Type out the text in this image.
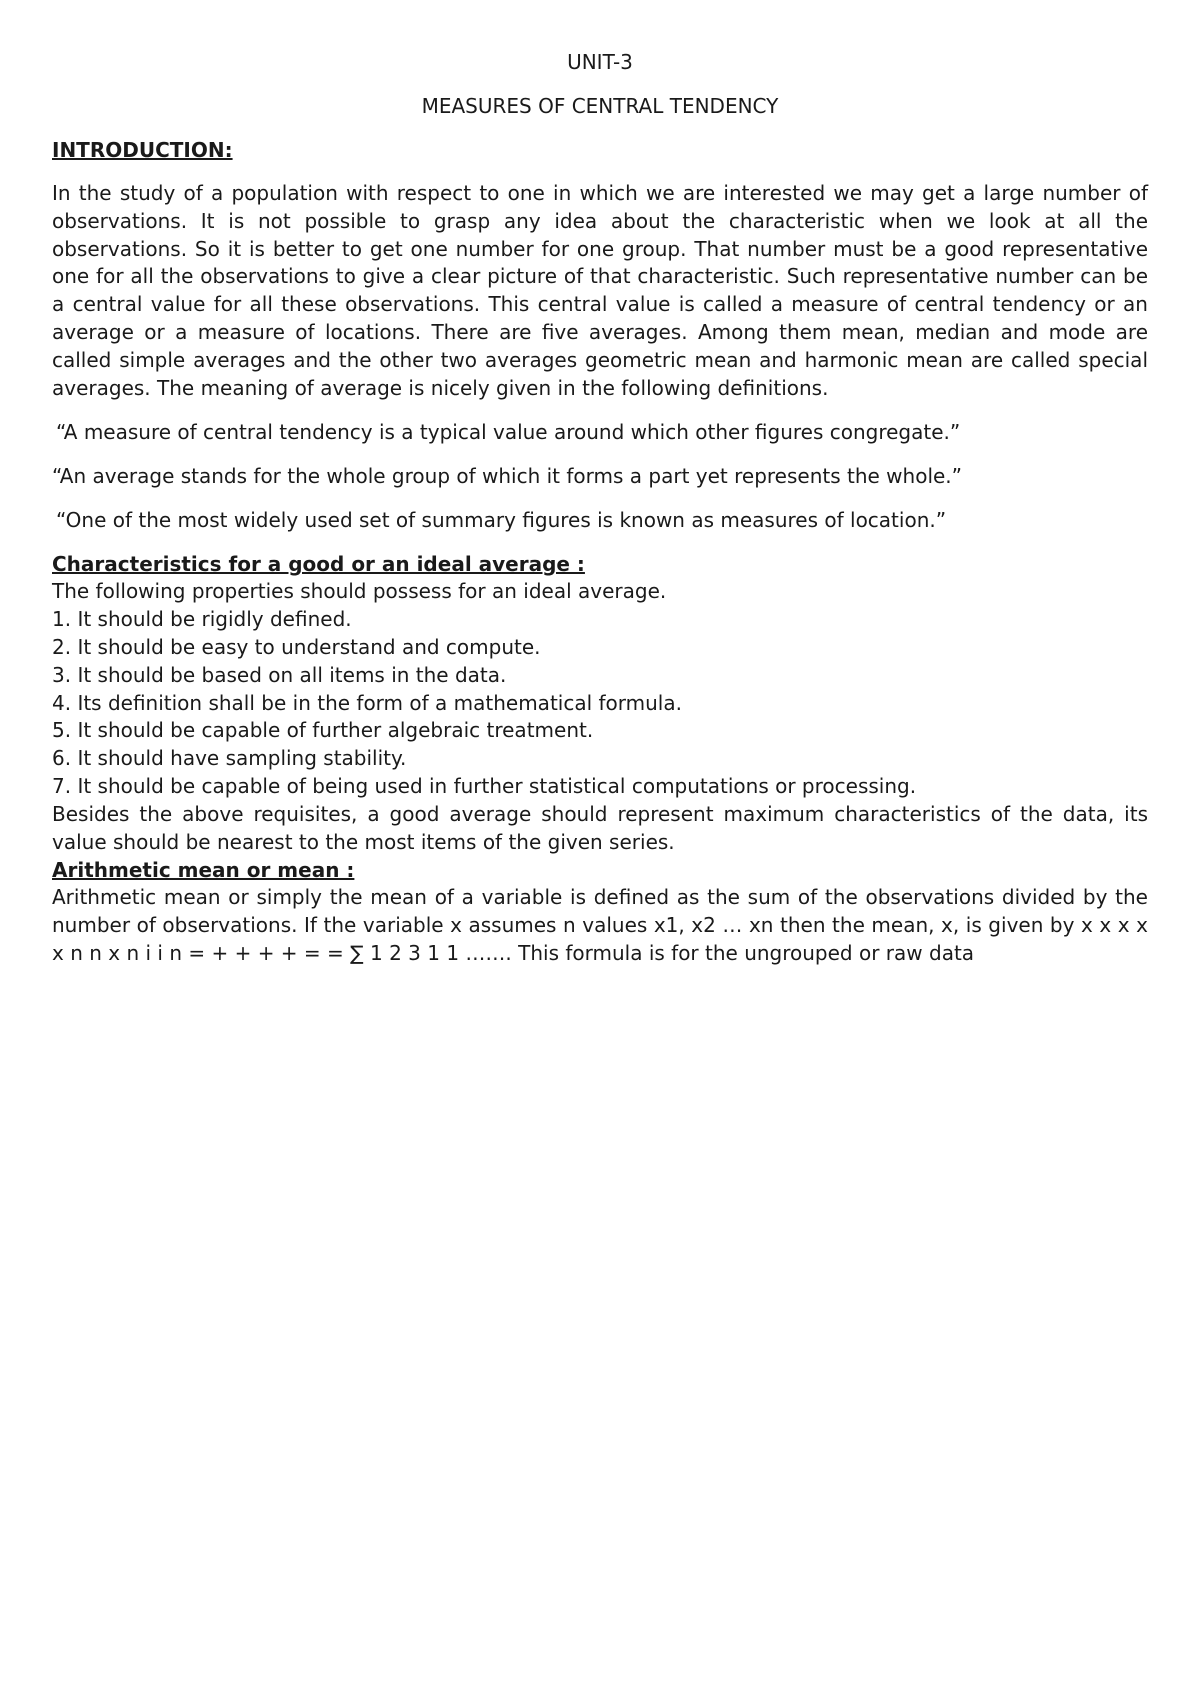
UNIT-3

MEASURES OF CENTRAL TENDENCY

INTRODUCTION:

In the study of a population with respect to one in which we are interested we may get a large number of observations. It is not possible to grasp any idea about the characteristic when we look at all the observations. So it is better to get one number for one group. That number must be a good representative one for all the observations to give a clear picture of that characteristic. Such representative number can be a central value for all these observations. This central value is called a measure of central tendency or an average or a measure of locations. There are five averages. Among them mean, median and mode are called simple averages and the other two averages geometric mean and harmonic mean are called special averages. The meaning of average is nicely given in the following definitions.

“A measure of central tendency is a typical value around which other figures congregate.”

“An average stands for the whole group of which it forms a part yet represents the whole.”

“One of the most widely used set of summary figures is known as measures of location.”

Characteristics for a good or an ideal average :

The following properties should possess for an ideal average.

1. It should be rigidly defined.
2. It should be easy to understand and compute.
3. It should be based on all items in the data.
4. Its definition shall be in the form of a mathematical formula.
5. It should be capable of further algebraic treatment.
6. It should have sampling stability.
7. It should be capable of being used in further statistical computations or processing.

Besides the above requisites, a good average should represent maximum characteristics of the data, its value should be nearest to the most items of the given series.

Arithmetic mean or mean :

Arithmetic mean or simply the mean of a variable is defined as the sum of the observations divided by the number of observations. If the variable x assumes n values x1, x2 … xn then the mean, x, is given by x x x x x n n x n i i n = + + + + = = ∑ 1 2 3 1 1 ……. This formula is for the ungrouped or raw data
